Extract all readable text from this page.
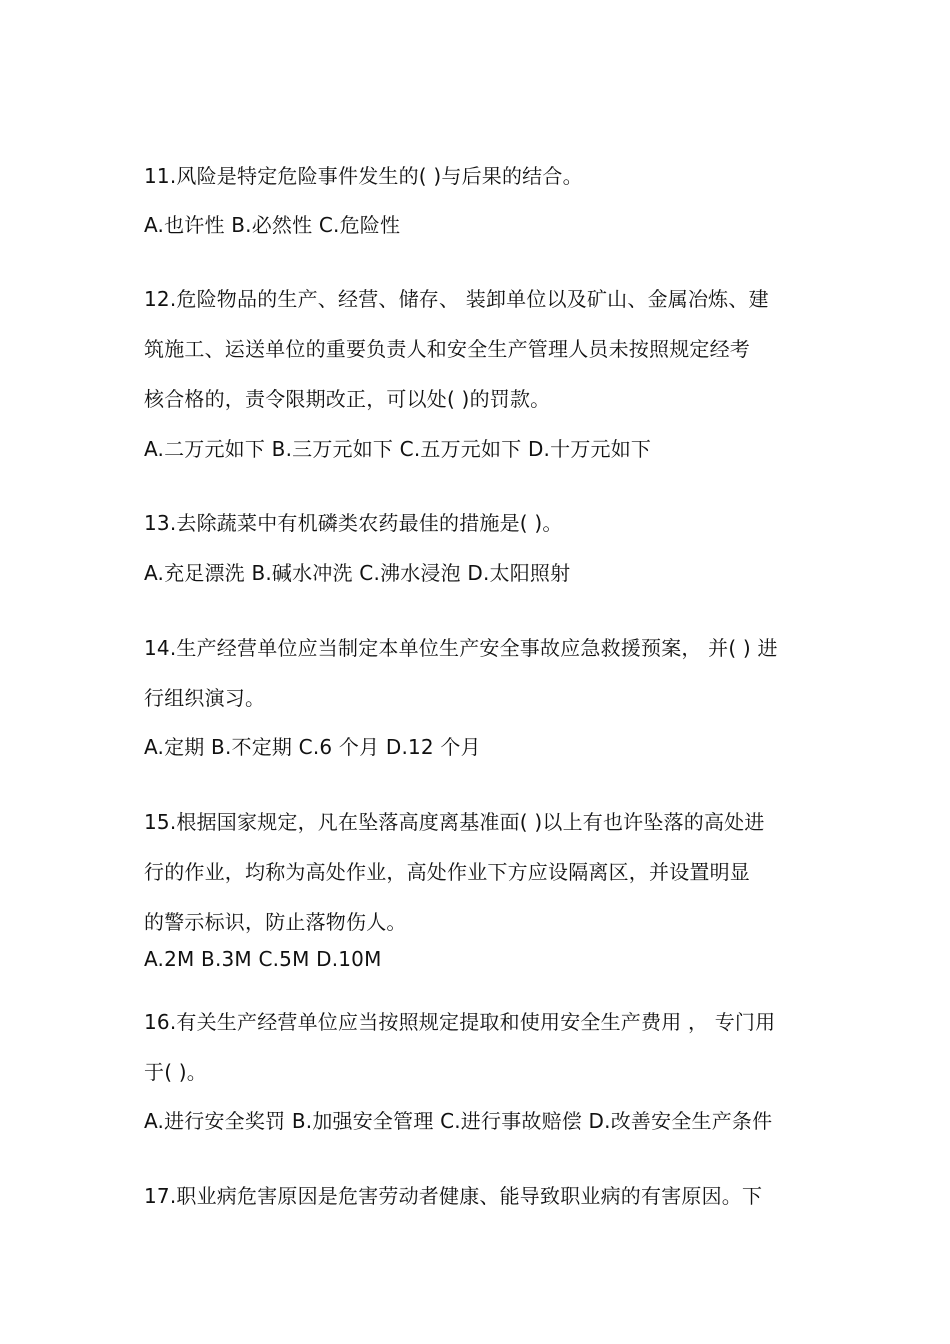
11.风险是特定危险事件发生的( )与后果的结合。
A.也许性 B.必然性 C.危险性
12.危险物品的生产、经营、储存、 装卸单位以及矿山、金属冶炼、建
筑施工、运送单位的重要负责人和安全生产管理人员未按照规定经考
核合格的，责令限期改正，可以处( )的罚款。
A.二万元如下 B.三万元如下 C.五万元如下 D.十万元如下
13.去除蔬菜中有机磷类农药最佳的措施是( )。
A.充足漂洗 B.碱水冲洗 C.沸水浸泡 D.太阳照射
14.生产经营单位应当制定本单位生产安全事故应急救援预案， 并( ) 进
行组织演习。
A.定期 B.不定期 C.6 个月 D.12 个月
15.根据国家规定，凡在坠落高度离基准面( )以上有也许坠落的高处进
行的作业，均称为高处作业，高处作业下方应设隔离区，并设置明显
的警示标识，防止落物伤人。
A.2M B.3M C.5M D.10M
16.有关生产经营单位应当按照规定提取和使用安全生产费用 ， 专门用
于( )。
A.进行安全奖罚 B.加强安全管理 C.进行事故赔偿 D.改善安全生产条件
17.职业病危害原因是危害劳动者健康、能导致职业病的有害原因。下
